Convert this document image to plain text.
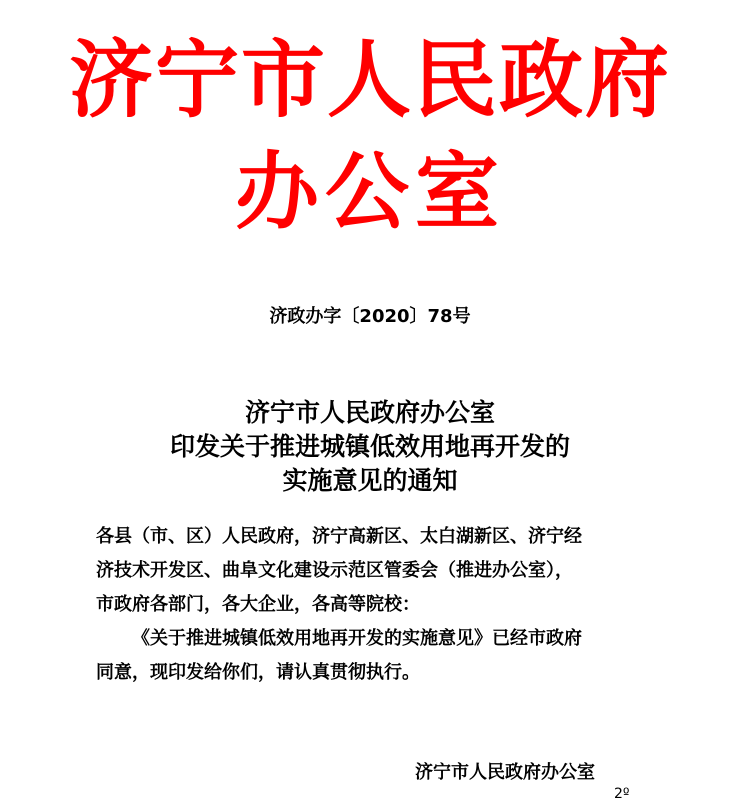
济宁市人民政府
办公室
济政办字〔2020〕78号
济宁市人民政府办公室
印发关于推进城镇低效用地再开发的
实施意见的通知
各县（市、区）人民政府，济宁高新区、太白湖新区、济宁经
济技术开发区、曲阜文化建设示范区管委会（推进办公室），
市政府各部门，各大企业，各高等院校：
《关于推进城镇低效用地再开发的实施意见》已经市政府
同意，现印发给你们，请认真贯彻执行。
济宁市人民政府办公室
2º
